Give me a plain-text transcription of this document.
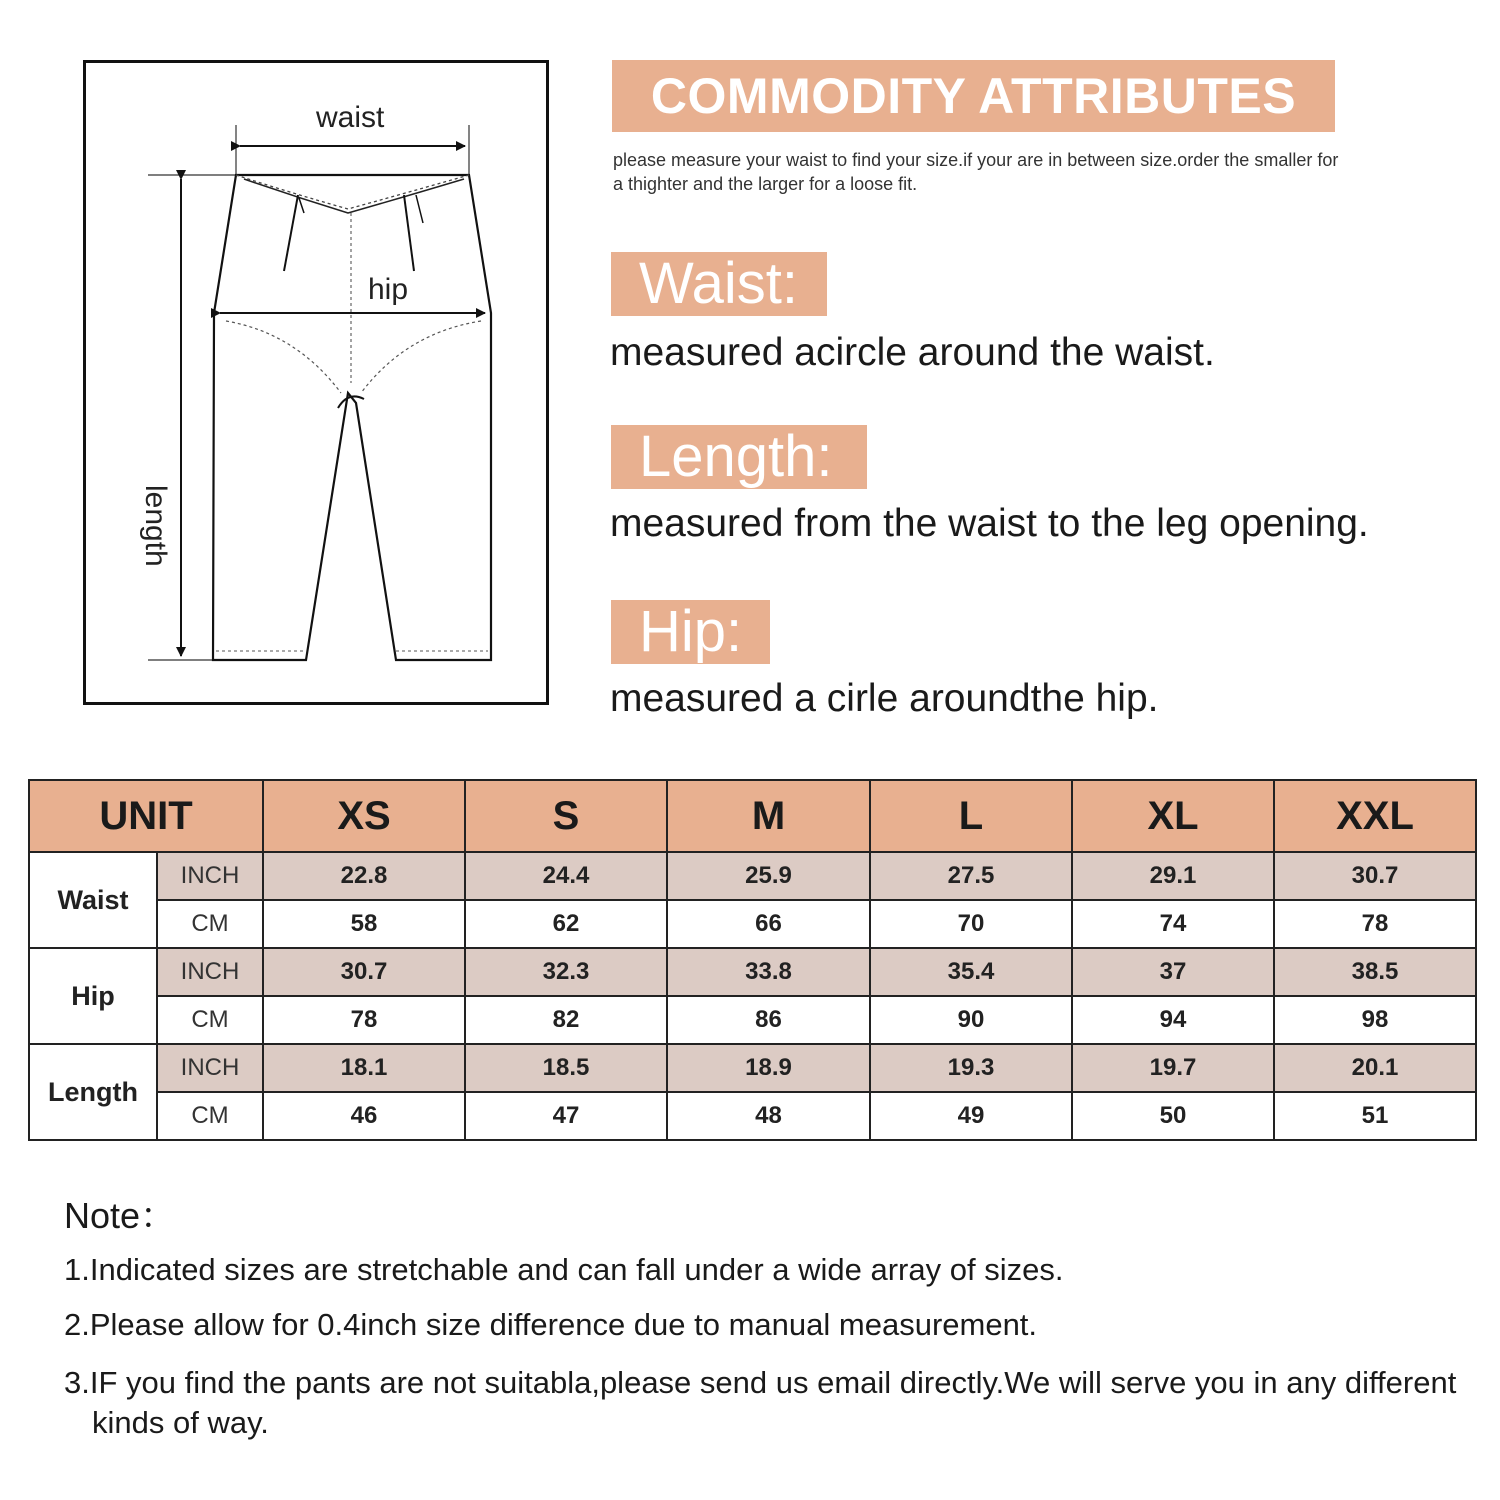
waist
hip
length
COMMODITY ATTRIBUTES
please measure your waist to find your size.if your are in between size.order the smaller for a thighter and the larger for a loose fit.
Waist:
measured acircle around the waist.
Length:
measured from the waist to the leg opening.
Hip:
measured a cirle aroundthe hip.
UNIT		XS	S	M	L	XL	XXL
Waist	INCH	22.8	24.4	25.9	27.5	29.1	30.7
	CM	58	62	66	70	74	78
Hip	INCH	30.7	32.3	33.8	35.4	37	38.5
	CM	78	82	86	90	94	98
Length	INCH	18.1	18.5	18.9	19.3	19.7	20.1
	CM	46	47	48	49	50	51
Note：
1.Indicated sizes are stretchable and can fall under a wide array of sizes.
2.Please allow for 0.4inch size difference due to manual measurement.
3.IF you find the pants are not suitabla,please send us email directly.We will serve you in any different kinds of way.
